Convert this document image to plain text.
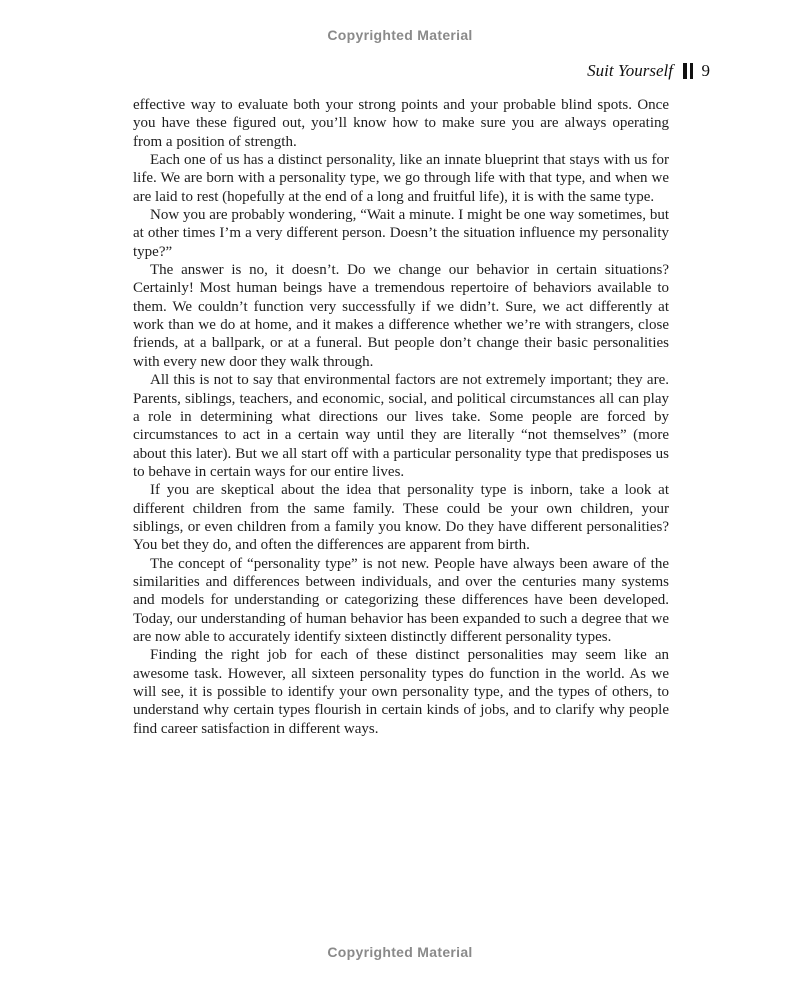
Copyrighted Material
Suit Yourself 9

effective way to evaluate both your strong points and your probable blind spots. Once you have these figured out, you’ll know how to make sure you are always operating from a position of strength.

Each one of us has a distinct personality, like an innate blueprint that stays with us for life. We are born with a personality type, we go through life with that type, and when we are laid to rest (hopefully at the end of a long and fruitful life), it is with the same type.

Now you are probably wondering, “Wait a minute. I might be one way sometimes, but at other times I’m a very different person. Doesn’t the situation influence my personality type?”

The answer is no, it doesn’t. Do we change our behavior in certain situations? Certainly! Most human beings have a tremendous repertoire of behaviors available to them. We couldn’t function very successfully if we didn’t. Sure, we act differently at work than we do at home, and it makes a difference whether we’re with strangers, close friends, at a ballpark, or at a funeral. But people don’t change their basic personalities with every new door they walk through.

All this is not to say that environmental factors are not extremely important; they are. Parents, siblings, teachers, and economic, social, and political circumstances all can play a role in determining what directions our lives take. Some people are forced by circumstances to act in a certain way until they are literally “not themselves” (more about this later). But we all start off with a particular personality type that predisposes us to behave in certain ways for our entire lives.

If you are skeptical about the idea that personality type is inborn, take a look at different children from the same family. These could be your own children, your siblings, or even children from a family you know. Do they have different personalities? You bet they do, and often the differences are apparent from birth.

The concept of “personality type” is not new. People have always been aware of the similarities and differences between individuals, and over the centuries many systems and models for understanding or categorizing these differences have been developed. Today, our understanding of human behavior has been expanded to such a degree that we are now able to accurately identify sixteen distinctly different personality types.

Finding the right job for each of these distinct personalities may seem like an awesome task. However, all sixteen personality types do function in the world. As we will see, it is possible to identify your own personality type, and the types of others, to understand why certain types flourish in certain kinds of jobs, and to clarify why people find career satisfaction in different ways.

Copyrighted Material
